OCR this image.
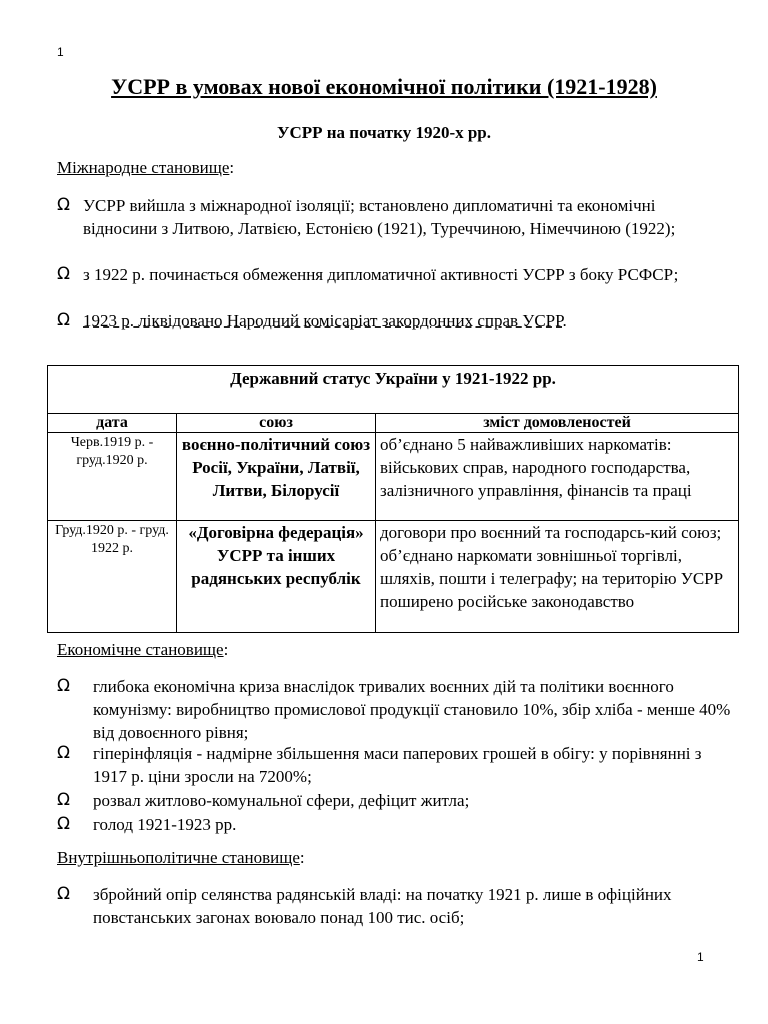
1
УСРР в умовах нової економічної політики (1921-1928)
УСРР на початку 1920-х рр.
Міжнародне становище:
Ω УСРР вийшла з міжнародної ізоляції; встановлено дипломатичні та економічні відносини з Литвою, Латвією, Естонією (1921), Туреччиною, Німеччиною (1922);
Ω з 1922 р. починається обмеження дипломатичної активності УСРР з боку РСФСР;
Ω 1923 р. ліквідовано Народний комісаріат закордонних справ УСРР.
Державний статус України у 1921-1922 рр.		
дата	союз	зміст домовленостей
Черв.1919 р. - груд.1920 р.	воєнно-політичний союз Росії, України, Латвії, Литви, Білорусії	об’єднано 5 найважливіших наркоматів: військових справ, народного господарства, залізничного управління, фінансів та праці
Груд.1920 р. - груд. 1922 р.	«Договірна федерація» УСРР та інших радянських республік	договори про воєнний та господарсь-кий союз; об’єднано наркомати зовнішньої торгівлі, шляхів, пошти і телеграфу; на територію УСРР поширено російське законодавство
Економічне становище:
Ω глибока економічна криза внаслідок тривалих воєнних дій та політики воєнного комунізму: виробництво промислової продукції становило 10%, збір хліба - менше 40% від довоєнного рівня;
Ω гіперінфляція - надмірне збільшення маси паперових грошей в обігу: у порівнянні з 1917 р. ціни зросли на 7200%;
Ω розвал житлово-комунальної сфери, дефіцит житла;
Ω голод 1921-1923 рр.
Внутрішньополітичне становище:
Ω збройний опір селянства радянській владі: на початку 1921 р. лише в офіційних повстанських загонах воювало понад 100 тис. осіб;
1
